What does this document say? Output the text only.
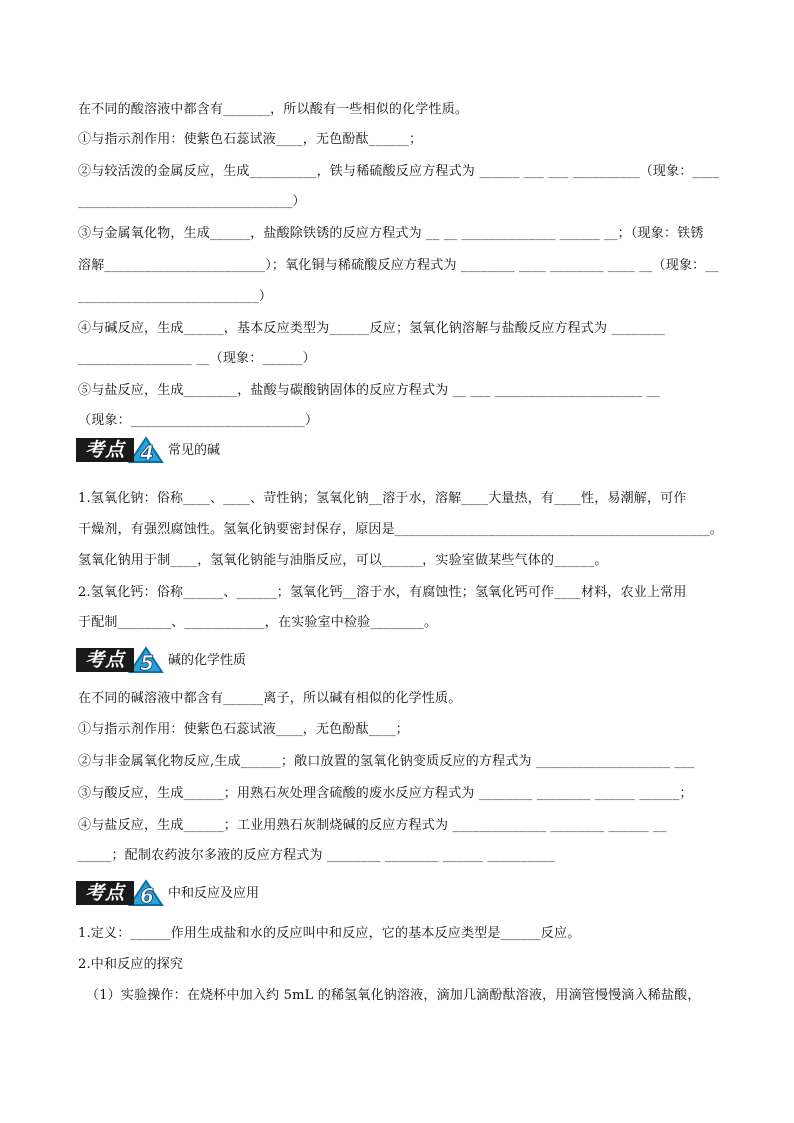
在不同的酸溶液中都含有_______，所以酸有一些相似的化学性质。
①与指示剂作用：使紫色石蕊试液____，无色酚酞______；
②与较活泼的金属反应，生成__________，铁与稀硫酸反应方程式为 ______ ___ ___ __________（现象：____
________________________________）
③与金属氧化物，生成______，盐酸除铁锈的反应方程式为 __ __ ______________ ______ __；（现象：铁锈
溶解________________________）；氧化铜与稀硫酸反应方程式为 ________ ____ ________ ____ __（现象：__
___________________________）
④与碱反应，生成______，基本反应类型为______反应；氢氧化钠溶解与盐酸反应方程式为 ________
_________________ __（现象：______）
⑤与盐反应，生成________，盐酸与碳酸钠固体的反应方程式为 __ ___ ______________________ __
（现象：__________________________）
1.氢氧化钠：俗称____、____、苛性钠；氢氧化钠__溶于水，溶解____大量热，有____性，易潮解，可作
干燥剂，有强烈腐蚀性。氢氧化钠要密封保存，原因是_______________________________________________。
氢氧化钠用于制____，氢氧化钠能与油脂反应，可以______，实验室做某些气体的______。
2.氢氧化钙：俗称______、______；氢氧化钙__溶于水，有腐蚀性；氢氧化钙可作____材料，农业上常用
于配制________、____________，在实验室中检验________。
在不同的碱溶液中都含有______离子，所以碱有相似的化学性质。
①与指示剂作用：使紫色石蕊试液____，无色酚酞____；
②与非金属氧化物反应,生成______；敞口放置的氢氧化钠变质反应的方程式为 ____________________ ___
③与酸反应，生成______；用熟石灰处理含硫酸的废水反应方程式为 ________ ________ ______ ______；
④与盐反应，生成______；工业用熟石灰制烧碱的反应方程式为 ______________ ________ ______ __
_____；配制农药波尔多液的反应方程式为 ________ ________ ______ __________
1.定义：______作用生成盐和水的反应叫中和反应，它的基本反应类型是______反应。
2.中和反应的探究
（1）实验操作：在烧杯中加入约 5mL 的稀氢氧化钠溶液，滴加几滴酚酞溶液，用滴管慢慢滴入稀盐酸，
4
考点	常见的碱
5
考点	碱的化学性质
6
考点	中和反应及应用
